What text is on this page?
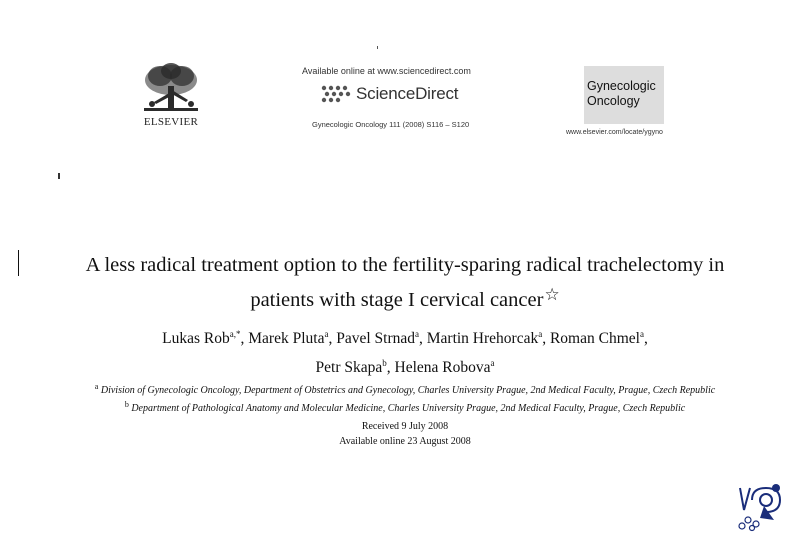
ELSEVIER
Available online at www.sciencedirect.com
ScienceDirect
Gynecologic Oncology 111 (2008) S116 – S120
Gynecologic
Oncology
www.elsevier.com/locate/ygyno
A less radical treatment option to the fertility-sparing radical trachelectomy in
patients with stage I cervical cancer☆
Lukas Rob$^{a,*}$, Marek Pluta$^a$, Pavel Strnad$^a$, Martin Hrehorcak$^a$, Roman Chmel$^a$,
Petr Skapa$^b$, Helena Robova$^a$
$^a$ Division of Gynecologic Oncology, Department of Obstetrics and Gynecology, Charles University Prague, 2nd Medical Faculty, Prague, Czech Republic
$^b$ Department of Pathological Anatomy and Molecular Medicine, Charles University Prague, 2nd Medical Faculty, Prague, Czech Republic
Received 9 July 2008
Available online 23 August 2008
